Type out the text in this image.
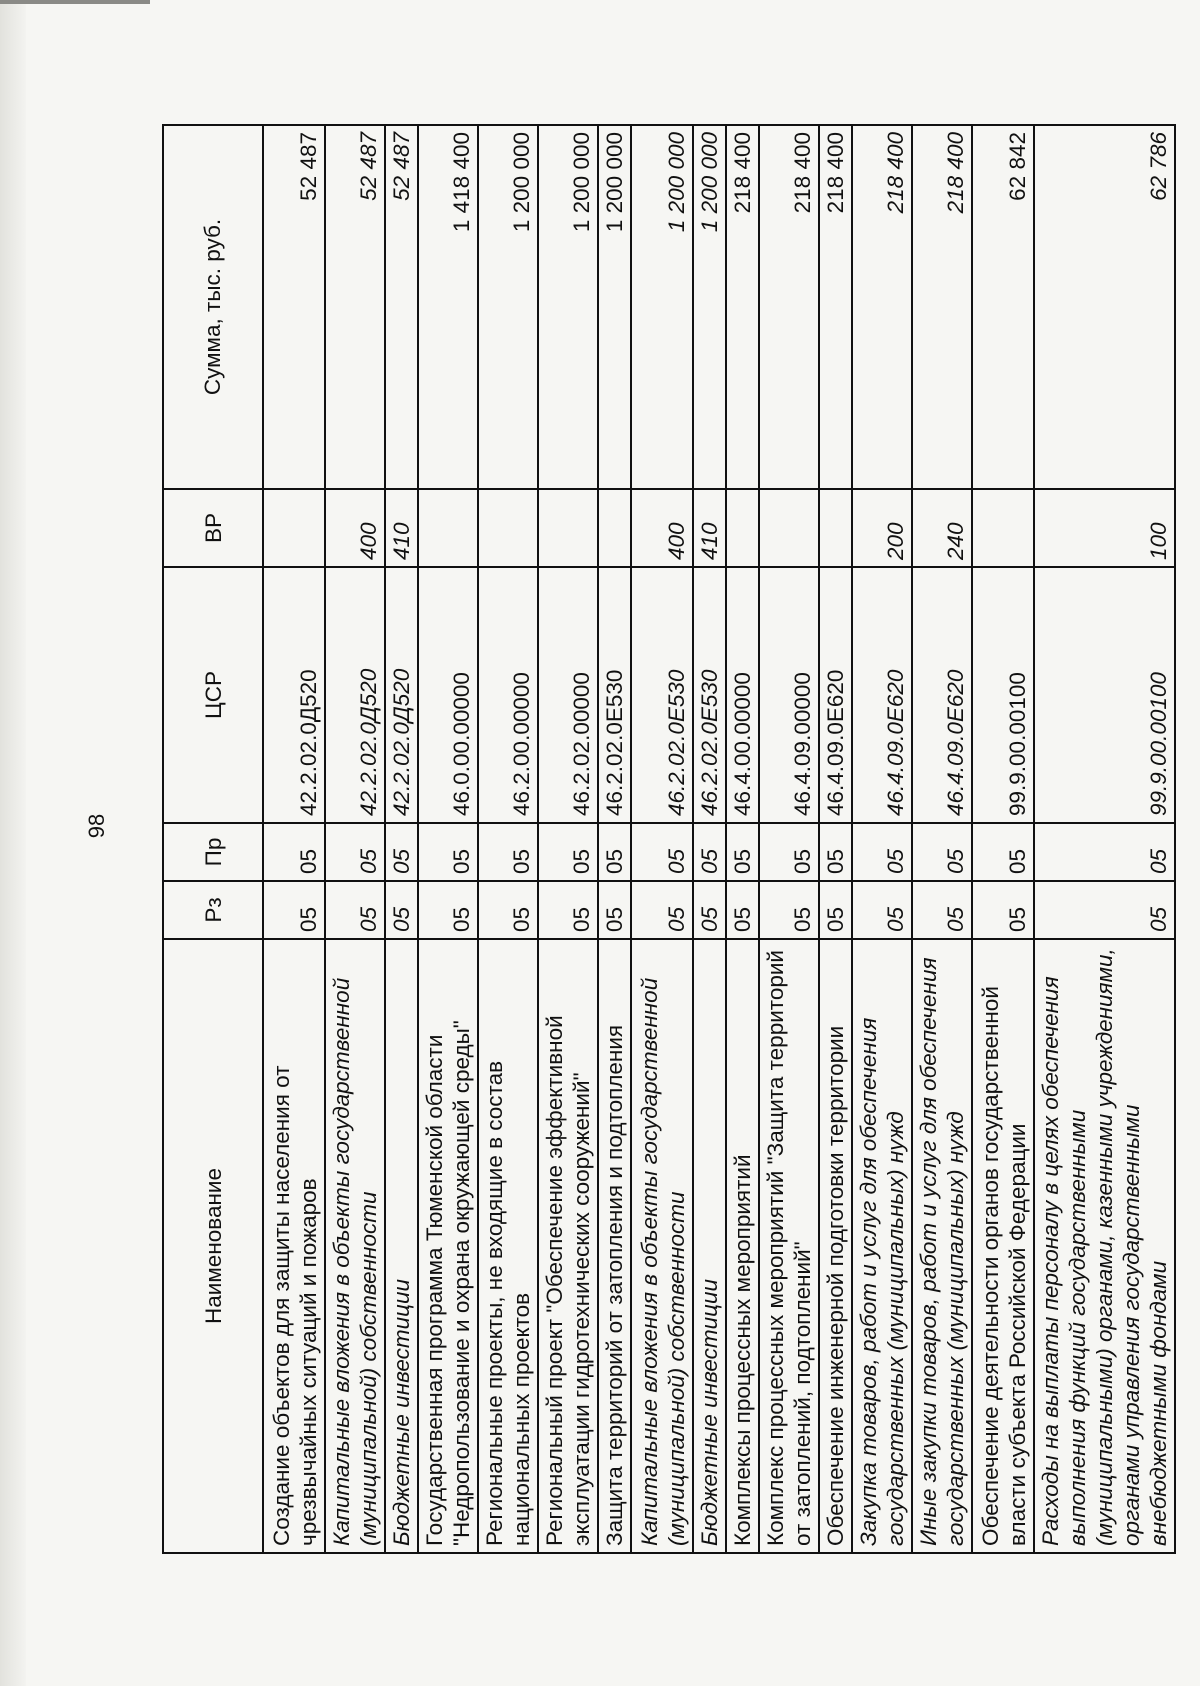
98
Наименование	Рз	Пр	ЦСР	ВР	Сумма, тыс. руб.
Создание объектов для защиты населения от чрезвычайных ситуаций и пожаров	05	05	42.2.02.0Д520		52 487
Капитальные вложения в объекты государственной (муниципальной) собственности	05	05	42.2.02.0Д520	400	52 487
Бюджетные инвестиции	05	05	42.2.02.0Д520	410	52 487
Государственная программа Тюменской области "Недропользование и охрана окружающей среды"	05	05	46.0.00.00000		1 418 400
Региональные проекты, не входящие в состав национальных проектов	05	05	46.2.00.00000		1 200 000
Региональный проект "Обеспечение эффективной эксплуатации гидротехнических сооружений"	05	05	46.2.02.00000		1 200 000
Защита территорий от затопления и подтопления	05	05	46.2.02.0Е530		1 200 000
Капитальные вложения в объекты государственной (муниципальной) собственности	05	05	46.2.02.0Е530	400	1 200 000
Бюджетные инвестиции	05	05	46.2.02.0Е530	410	1 200 000
Комплексы процессных мероприятий	05	05	46.4.00.00000		218 400
Комплекс процессных мероприятий "Защита территорий от затоплений, подтоплений"	05	05	46.4.09.00000		218 400
Обеспечение инженерной подготовки территории	05	05	46.4.09.0Е620		218 400
Закупка товаров, работ и услуг для обеспечения государственных (муниципальных) нужд	05	05	46.4.09.0Е620	200	218 400
Иные закупки товаров, работ и услуг для обеспечения государственных (муниципальных) нужд	05	05	46.4.09.0Е620	240	218 400
Обеспечение деятельности органов государственной власти субъекта Российской Федерации	05	05	99.9.00.00100		62 842
Расходы на выплаты персоналу в целях обеспечения выполнения функций государственными (муниципальными) органами, казенными учреждениями, органами управления государственными внебюджетными фондами	05	05	99.9.00.00100	100	62 786
